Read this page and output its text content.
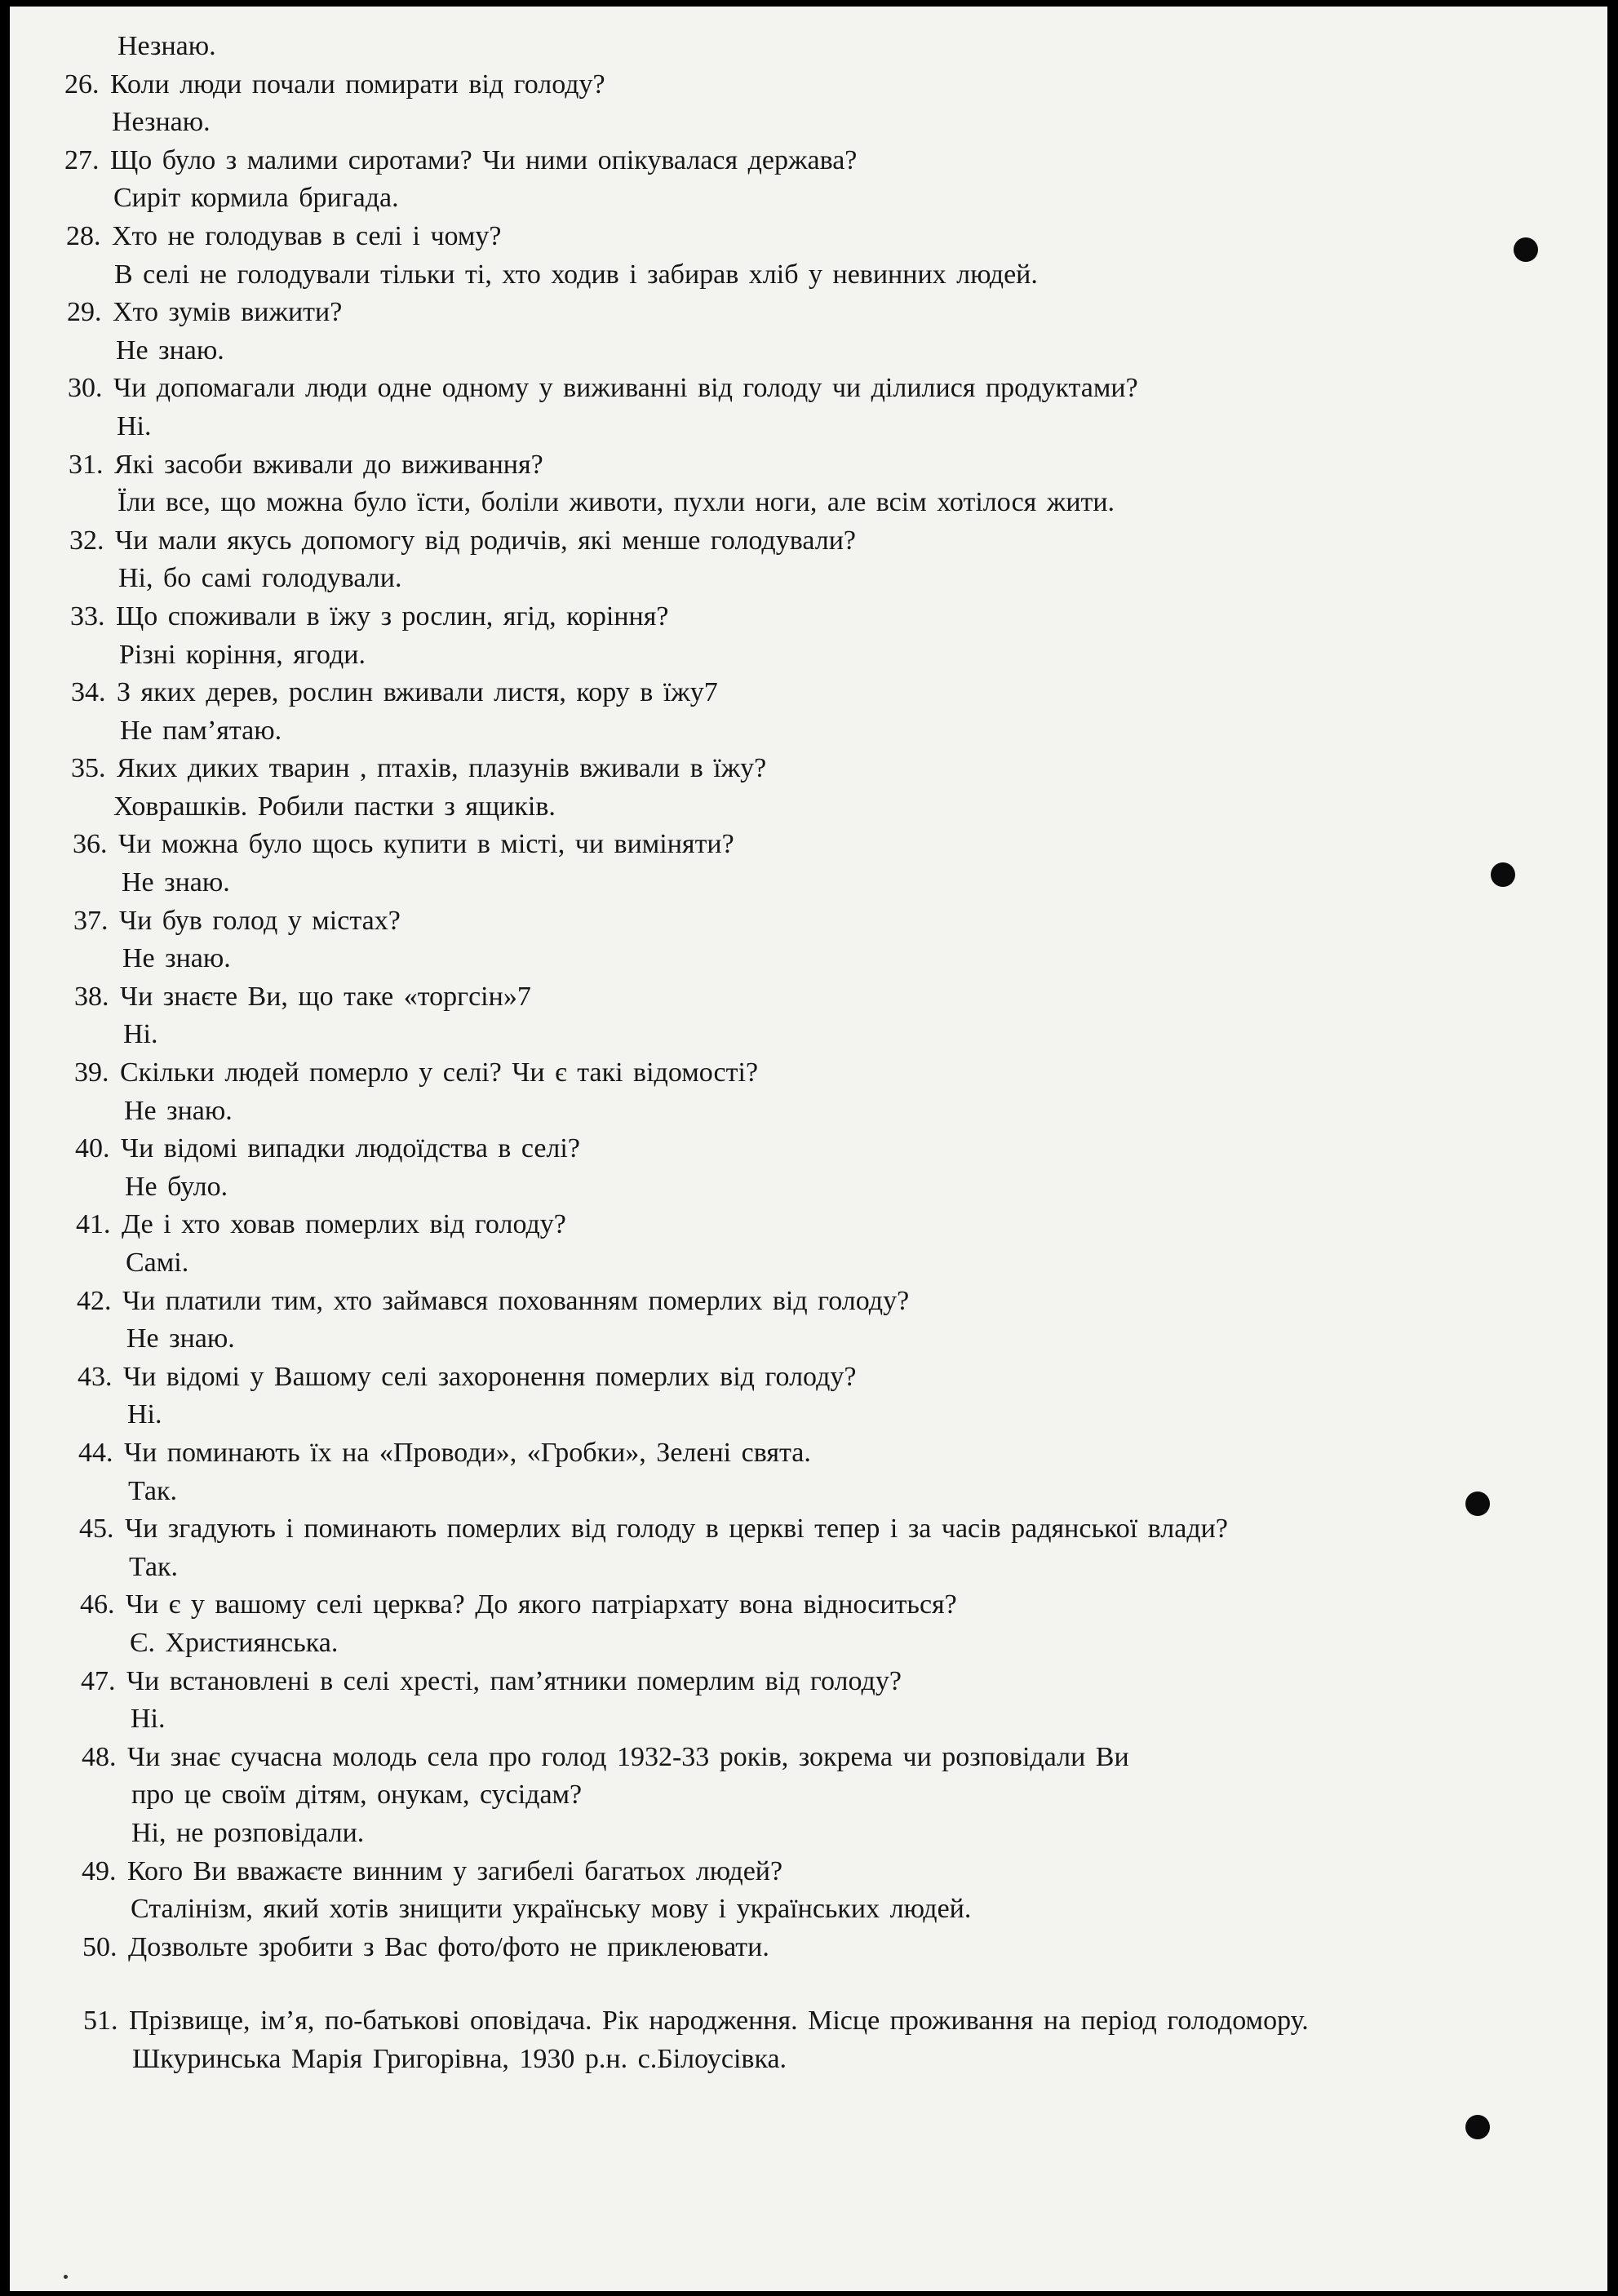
Незнаю.
26. Коли люди почали помирати від голоду?
Незнаю.
27. Що було з малими сиротами? Чи ними опікувалася держава?
Сиріт кормила бригада.
28. Хто не голодував в селі і чому?
В селі не голодували тільки ті, хто ходив і забирав хліб у невинних людей.
29. Хто зумів вижити?
Не знаю.
30. Чи допомагали люди одне одному у виживанні від голоду чи ділилися продуктами?
Ні.
31. Які засоби вживали до виживання?
Їли все, що можна було їсти, боліли животи, пухли ноги, але всім хотілося жити.
32. Чи мали якусь допомогу від родичів, які менше голодували?
Ні, бо самі голодували.
33. Що споживали в їжу з рослин, ягід, коріння?
Різні коріння, ягоди.
34. З яких дерев, рослин вживали листя, кору в їжу7
Не пам’ятаю.
35. Яких диких тварин , птахів, плазунів вживали в їжу?
Ховрашків. Робили пастки з ящиків.
36. Чи можна було щось купити в місті, чи виміняти?
Не знаю.
37. Чи був голод у містах?
Не знаю.
38. Чи знаєте Ви, що таке «торгсін»7
Ні.
39. Скільки людей померло у селі? Чи є такі відомості?
Не знаю.
40. Чи відомі випадки людоїдства в селі?
Не було.
41. Де і хто ховав померлих від голоду?
Самі.
42. Чи платили тим, хто займався похованням померлих від голоду?
Не знаю.
43. Чи відомі у Вашому селі захоронення померлих від голоду?
Ні.
44. Чи поминають їх на «Проводи», «Гробки», Зелені свята.
Так.
45. Чи згадують і поминають померлих від голоду в церкві тепер і за часів радянської влади?
Так.
46. Чи є у вашому селі церква? До якого патріархату вона відноситься?
Є. Християнська.
47. Чи встановлені в селі хресті, пам’ятники померлим від голоду?
Ні.
48. Чи знає сучасна молодь села про голод 1932-33 років, зокрема чи розповідали Ви
про це своїм дітям, онукам, сусідам?
Ні, не розповідали.
49. Кого Ви вважаєте винним у загибелі багатьох людей?
Сталінізм, який хотів знищити українську мову і українських людей.
50. Дозвольте зробити з Вас фото/фото не приклеювати.
51. Прізвище, ім’я, по-батькові оповідача. Рік народження. Місце проживання на період голодомору.
Шкуринська Марія Григорівна, 1930 р.н. с.Білоусівка.
